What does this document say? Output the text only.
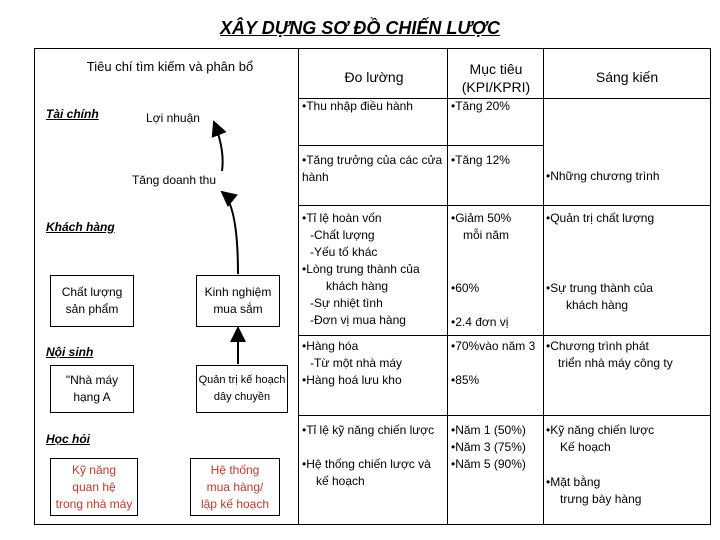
XÂY DỰNG SƠ ĐỒ CHIẾN LƯỢC
Tiêu chí tìm kiếm và phân bổ
Đo lường	Mục tiêu
(KPI/KPRI)
Sáng kiến
Tài chính
Khách hàng
Nội sinh
Học hỏi
Lợi nhuận
Tăng doanh thu
Chất lượng
sản phẩm
Kinh nghiệm
mua sắm
"Nhà máy
hạng A
Quản trị kế hoạch
dây chuyền
Kỹ năng
quan hệ
trong nhà máy
Hệ thống
mua hàng/
lập kế hoạch
• Thu nhập điều hành
• Tăng trưởng của các cửa
hành
• Tỉ lệ hoàn vốn
-Chất lượng
-Yếu tố khác
• Lòng trung thành của
khách hàng
-Sự nhiệt tình
-Đơn vị mua hàng
• Hàng hóa
-Từ một nhà máy
• Hàng hoá lưu kho
• Tỉ lệ kỹ năng chiến lược
• Hệ thống chiến lược và
kế hoạch
• Tăng 20%
• Tăng 12%
• Giảm 50%
mỗi năm
• 60%
• 2.4 đơn vị
• 70%vào năm 3
• 85%
• Năm 1 (50%)
• Năm 3 (75%)
• Năm 5 (90%)
• Những chương trình
• Quản trị chất lượng
• Sự trung thành của
khách hàng
• Chương trình phát
triển nhà máy công ty
• Kỹ năng chiến lược
Kế hoạch
• Mặt bằng
trưng bày hàng
